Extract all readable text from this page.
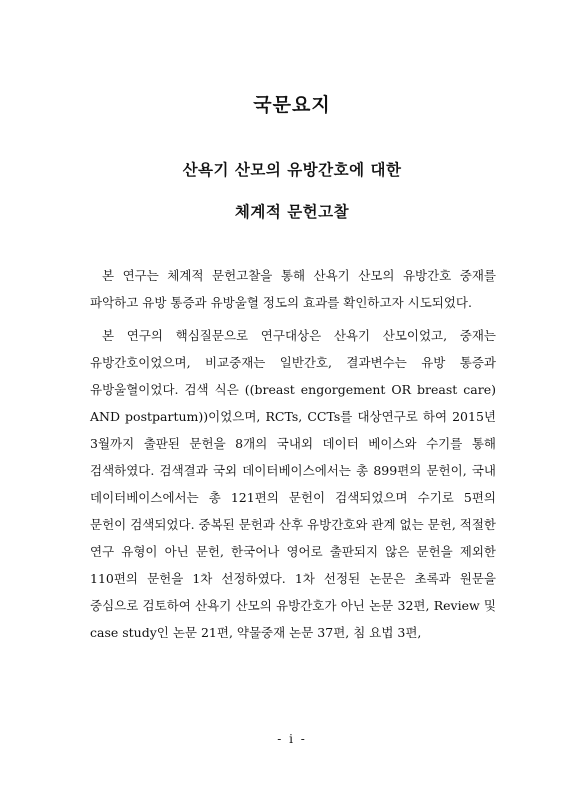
국문요지
산욕기 산모의 유방간호에 대한
체계적 문헌고찰

본 연구는 체계적 문헌고찰을 통해 산욕기 산모의 유방간호 중재를 파악하고 유방 통증과 유방울혈 정도의 효과를 확인하고자 시도되었다.

본 연구의 핵심질문으로 연구대상은 산욕기 산모이었고, 중재는 유방간호이었으며, 비교중재는 일반간호, 결과변수는 유방 통증과 유방울혈이었다. 검색 식은 ((breast engorgement OR breast care) AND postpartum))이었으며, RCTs, CCTs를 대상연구로 하여 2015년 3월까지 출판된 문헌을 8개의 국내외 데이터 베이스와 수기를 통해 검색하였다. 검색결과 국외 데이터베이스에서는 총 899편의 문헌이, 국내 데이터베이스에서는 총 121편의 문헌이 검색되었으며 수기로 5편의 문헌이 검색되었다. 중복된 문헌과 산후 유방간호와 관계 없는 문헌, 적절한 연구 유형이 아닌 문헌, 한국어나 영어로 출판되지 않은 문헌을 제외한 110편의 문헌을 1차 선정하였다. 1차 선정된 논문은 초록과 원문을 중심으로 검토하여 산욕기 산모의 유방간호가 아닌 논문 32편, Review 및 case study인 논문 21편, 약물중재 논문 37편, 침 요법 3편,

- i -
